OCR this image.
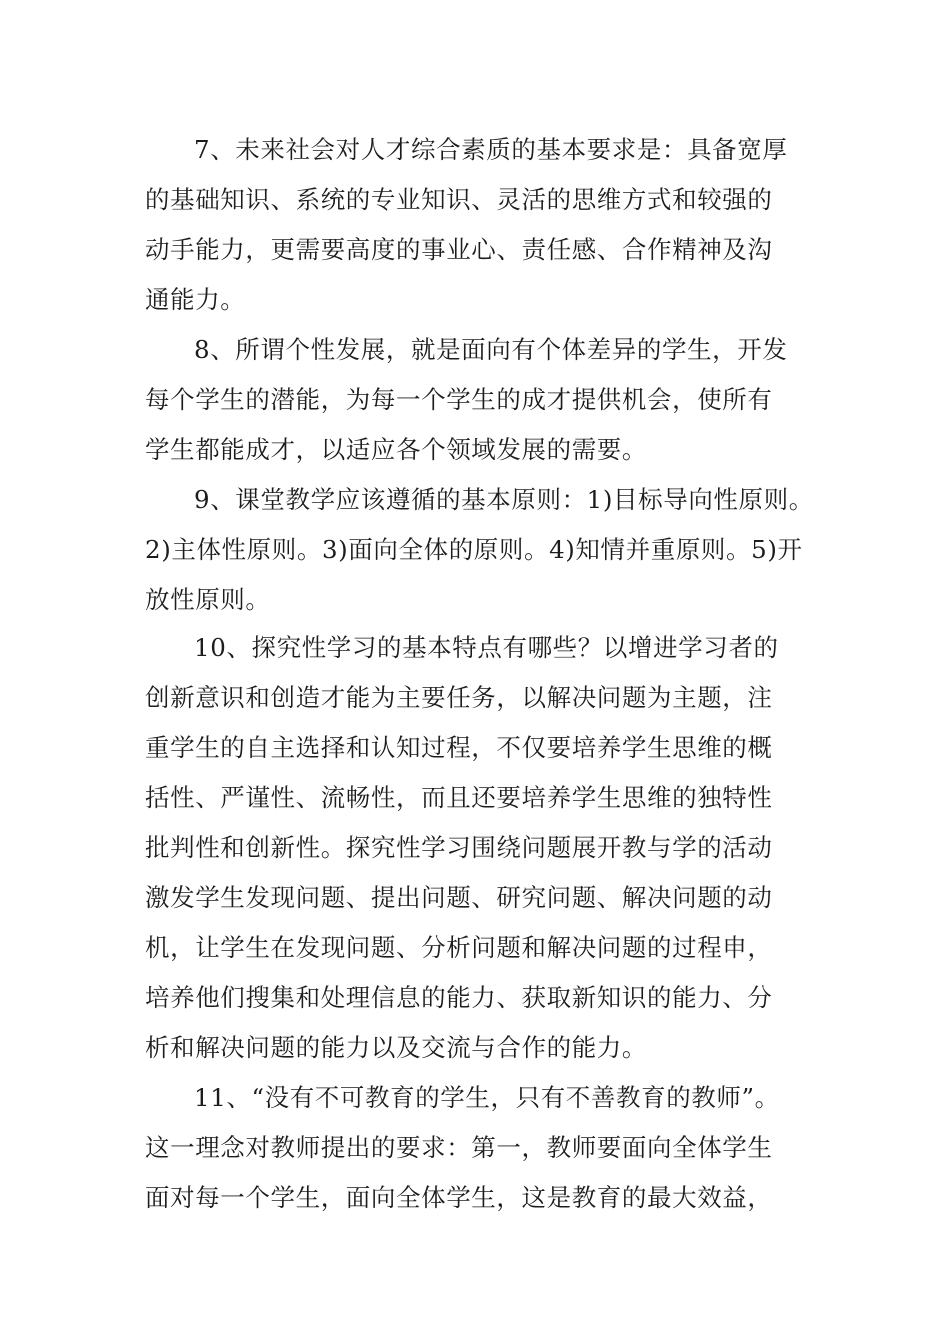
7、未来社会对人才综合素质的基本要求是：具备宽厚

的基础知识、系统的专业知识、灵活的思维方式和较强的

动手能力，更需要高度的事业心、责任感、合作精神及沟

通能力。

8、所谓个性发展，就是面向有个体差异的学生，开发

每个学生的潜能，为每一个学生的成才提供机会，使所有

学生都能成才，以适应各个领域发展的需要。

9、课堂教学应该遵循的基本原则：1)目标导向性原则。

2)主体性原则。3)面向全体的原则。4)知情并重原则。5)开

放性原则。

10、探究性学习的基本特点有哪些？以增进学习者的

创新意识和创造才能为主要任务，以解决问题为主题，注

重学生的自主选择和认知过程，不仅要培养学生思维的概

括性、严谨性、流畅性，而且还要培养学生思维的独特性

批判性和创新性。探究性学习围绕问题展开教与学的活动

激发学生发现问题、提出问题、研究问题、解决问题的动

机，让学生在发现问题、分析问题和解决问题的过程申，

培养他们搜集和处理信息的能力、获取新知识的能力、分

析和解决问题的能力以及交流与合作的能力。

11、“没有不可教育的学生，只有不善教育的教师”。

这一理念对教师提出的要求：第一，教师要面向全体学生

面对每一个学生，面向全体学生，这是教育的最大效益，
